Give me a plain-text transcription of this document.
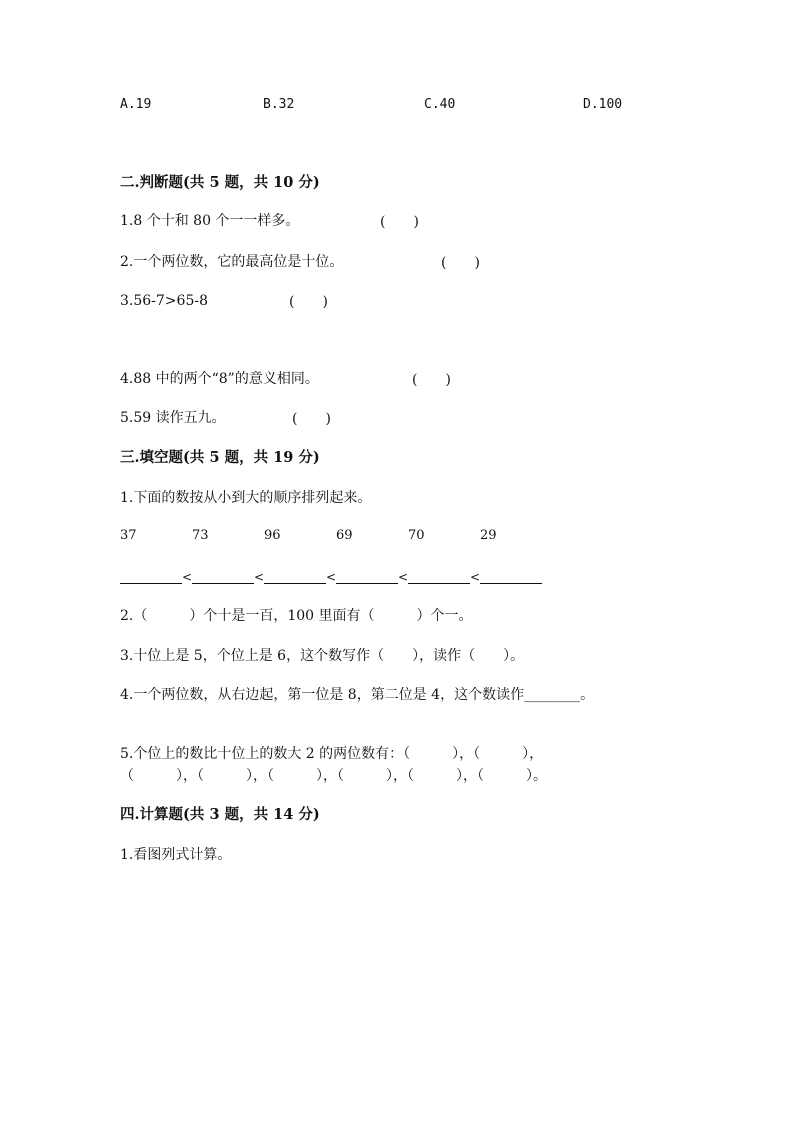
A.19	B.32	C.40	D.100
二.判断题(共 5 题，共 10 分)
1.8 个十和 80 个一一样多。	(　　)
2.一个两位数，它的最高位是十位。	(　　)
3.56-7>65-8	(　　)
4.88 中的两个“8”的意义相同。	(　　)
5.59 读作五九。	(　　)
三.填空题(共 5 题，共 19 分)
1.下面的数按从小到大的顺序排列起来。
37	73	96	69	70	29
<	<	<	<	<
2.（　　　）个十是一百，100 里面有（　　　）个一。
3.十位上是 5，个位上是 6，这个数写作（　　），读作（　　）。
4.一个两位数，从右边起，第一位是 8，第二位是 4，这个数读作________。
5.个位上的数比十位上的数大 2 的两位数有：（　　　），（　　　），
（　　　），（　　　），（　　　），（　　　），（　　　），（　　　）。
四.计算题(共 3 题，共 14 分)
1.看图列式计算。
